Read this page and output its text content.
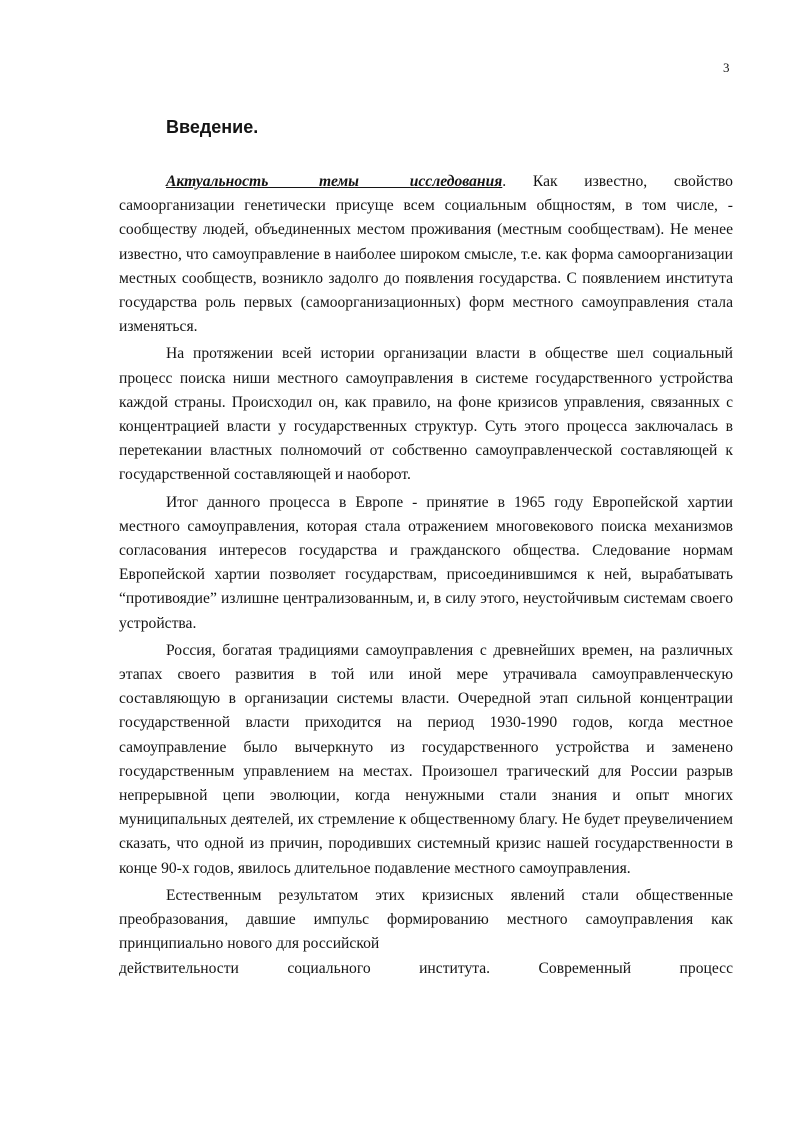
3
Введение.

Актуальность темы исследования. Как известно, свойство самоорганизации генетически присуще всем социальным общностям, в том числе, - сообществу людей, объединенных местом проживания (местным сообществам). Не менее известно, что самоуправление в наиболее широком смысле, т.е. как форма самоорганизации местных сообществ, возникло задолго до появления государства. С появлением института государства роль первых (самоорганизационных) форм местного самоуправления стала изменяться.

На протяжении всей истории организации власти в обществе шел социальный процесс поиска ниши местного самоуправления в системе государственного устройства каждой страны. Происходил он, как правило, на фоне кризисов управления, связанных с концентрацией власти у государственных структур. Суть этого процесса заключалась в перетекании властных полномочий от собственно самоуправленческой составляющей к государственной составляющей и наоборот.

Итог данного процесса в Европе - принятие в 1965 году Европейской хартии местного самоуправления, которая стала отражением многовекового поиска механизмов согласования интересов государства и гражданского общества. Следование нормам Европейской хартии позволяет государствам, присоединившимся к ней, вырабатывать “противоядие” излишне централизованным, и, в силу этого, неустойчивым системам своего устройства.

Россия, богатая традициями самоуправления с древнейших времен, на различных этапах своего развития в той или иной мере утрачивала самоуправленческую составляющую в организации системы власти. Очередной этап сильной концентрации государственной власти приходится на период 1930-1990 годов, когда местное самоуправление было вычеркнуто из государственного устройства и заменено государственным управлением на местах. Произошел трагический для России разрыв непрерывной цепи эволюции, когда ненужными стали знания и опыт многих муниципальных деятелей, их стремление к общественному благу. Не будет преувеличением сказать, что одной из причин, породивших системный кризис нашей государственности в конце 90-х годов, явилось длительное подавление местного самоуправления.

Естественным результатом этих кризисных явлений стали общественные преобразования, давшие импульс формированию местного самоуправления как принципиально нового для российской
действительности социального института. Современный процесс
